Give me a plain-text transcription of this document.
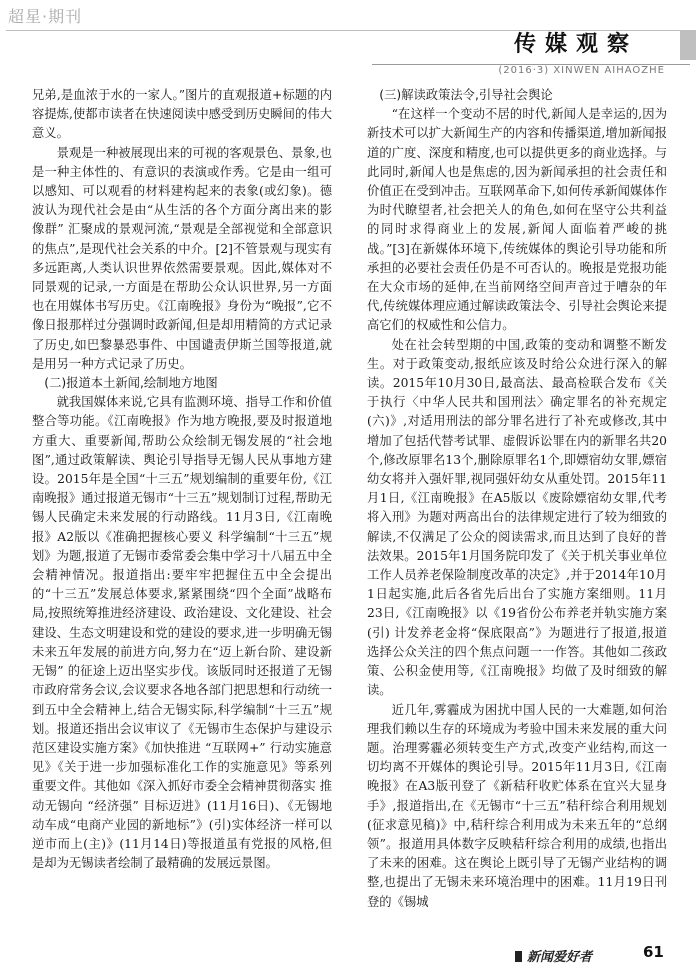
超星·期刊
传媒观察
(2016·3) XINWEN AIHAOZHE

兄弟,是血浓于水的一家人。”图片的直观报道+标题的内容提炼,使都市读者在快速阅读中感受到历史瞬间的伟大意义。

景观是一种被展现出来的可视的客观景色、景象,也是一种主体性的、有意识的表演或作秀。它是由一组可以感知、可以观看的材料建构起来的表象(或幻象)。德波认为现代社会是由“从生活的各个方面分离出来的影像群” 汇聚成的景观河流,“景观是全部视觉和全部意识的焦点”,是现代社会关系的中介。[2]不管景观与现实有多远距离,人类认识世界依然需要景观。因此,媒体对不同景观的记录,一方面是在帮助公众认识世界,另一方面也在用媒体书写历史。《江南晚报》身份为“晚报”,它不像日报那样过分强调时政新闻,但是却用精简的方式记录了历史,如巴黎暴恐事件、中国谴责伊斯兰国等报道,就是用另一种方式记录了历史。

(二)报道本土新闻,绘制地方地图

就我国媒体来说,它具有监测环境、指导工作和价值整合等功能。《江南晚报》作为地方晚报,要及时报道地方重大、重要新闻,帮助公众绘制无锡发展的“社会地图”,通过政策解读、舆论引导指导无锡人民从事地方建设。2015年是全国“十三五”规划编制的重要年份,《江南晚报》通过报道无锡市“十三五”规划制订过程,帮助无锡人民确定未来发展的行动路线。11月3日,《江南晚报》A2版以《准确把握核心要义 科学编制“十三五”规划》为题,报道了无锡市委常委会集中学习十八届五中全会精神情况。报道指出:要牢牢把握住五中全会提出的“十三五”发展总体要求,紧紧围绕“四个全面”战略布局,按照统筹推进经济建设、政治建设、文化建设、社会建设、生态文明建设和党的建设的要求,进一步明确无锡未来五年发展的前进方向,努力在“迈上新台阶、建设新无锡” 的征途上迈出坚实步伐。该版同时还报道了无锡市政府常务会议,会议要求各地各部门把思想和行动统一到五中全会精神上,结合无锡实际,科学编制“十三五”规划。报道还指出会议审议了《无锡市生态保护与建设示范区建设实施方案》《加快推进 “互联网+” 行动实施意见》《关于进一步加强标准化工作的实施意见》等系列重要文件。其他如《深入抓好市委全会精神贯彻落实 推动无锡向 “经济强” 目标迈进》(11月16日)、《无锡地动车成“电商产业园的新地标”》(引)实体经济一样可以逆市而上(主)》(11月14日)等报道虽有党报的风格,但是却为无锡读者绘制了最精确的发展远景图。

(三)解读政策法令,引导社会舆论

“在这样一个变动不居的时代,新闻人是幸运的,因为新技术可以扩大新闻生产的内容和传播渠道,增加新闻报道的广度、深度和精度,也可以提供更多的商业选择。与此同时,新闻人也是焦虑的,因为新闻承担的社会责任和价值正在受到冲击。互联网革命下,如何传承新闻媒体作为时代瞭望者,社会把关人的角色,如何在坚守公共利益的同时求得商业上的发展,新闻人面临着严峻的挑战。”[3]在新媒体环境下,传统媒体的舆论引导功能和所承担的必要社会责任仍是不可否认的。晚报是党报功能在大众市场的延伸,在当前网络空间声音过于嘈杂的年代,传统媒体理应通过解读政策法令、引导社会舆论来提高它们的权威性和公信力。

处在社会转型期的中国,政策的变动和调整不断发生。对于政策变动,报纸应该及时给公众进行深入的解读。2015年10月30日,最高法、最高检联合发布《关于执行〈中华人民共和国刑法〉确定罪名的补充规定(六)》,对适用刑法的部分罪名进行了补充或修改,其中增加了包括代替考试罪、虚假诉讼罪在内的新罪名共20个,修改原罪名13个,删除原罪名1个,即嫖宿幼女罪,嫖宿幼女将并入强奸罪,视同强奸幼女从重处罚。2015年11月1日,《江南晚报》在A5版以《废除嫖宿幼女罪,代考将入刑》为题对两高出台的法律规定进行了较为细致的解读,不仅满足了公众的阅读需求,而且达到了良好的普法效果。2015年1月国务院印发了《关于机关事业单位工作人员养老保险制度改革的决定》,并于2014年10月1日起实施,此后各省先后出台了实施方案细则。11月23日,《江南晚报》以《19省份公布养老并轨实施方案(引) 计发养老金将“保底限高”》为题进行了报道,报道选择公众关注的四个焦点问题一一作答。其他如二孩政策、公积金使用等,《江南晚报》均做了及时细致的解读。

近几年,雾霾成为困扰中国人民的一大难题,如何治理我们赖以生存的环境成为考验中国未来发展的重大问题。治理雾霾必须转变生产方式,改变产业结构,而这一切均离不开媒体的舆论引导。2015年11月3日,《江南晚报》在A3版刊登了《新秸秆收贮体系在宜兴大显身手》,报道指出,在《无锡市“十三五”秸秆综合利用规划(征求意见稿)》中,秸秆综合利用成为未来五年的“总纲领”。报道用具体数字反映秸秆综合利用的成绩,也指出了未来的困难。这在舆论上既引导了无锡产业结构的调整,也提出了无锡未来环境治理中的困难。11月19日刊登的《锡城

新闻爱好者	61
